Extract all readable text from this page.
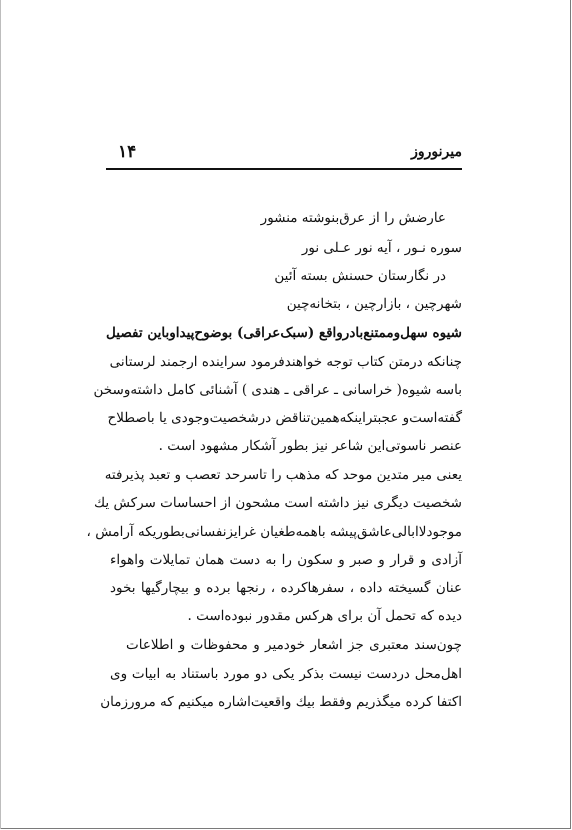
۱۴	میرنوروز
عارضش را از عرق‌بنوشته منشور
سوره نـور ، آیه نور عـلی نور
در نگارستان حسنش بسته آئین
شهرچین ، بازارچین ، بتخانه‌چین
شیوه سهل‌وممتنع‌بادرواقع (سبک‌عراقی) بوضوح‌پیداوباین تفصیل
چنانکه درمتن کتاب توجه خواهندفرمود سراینده ارجمند لرستانی
باسه شیوه( خراسانی ـ عراقی ـ هندی ) آشنائی کامل داشته‌وسخن
گفته‌است‌و عجبتراینکه‌همین‌تناقض درشخصیت‌وجودی یا باصطلاح
عنصر ناسوتی‌این شاعر نیز بطور آشکار مشهود است .
یعنی میر متدین موحد که مذهب را تاسرحد تعصب و تعبد پذیرفته
شخصیت دیگری نیز داشته است مشحون از احساسات سرکش یك
موجودلاابالی‌عاشق‌پیشه باهمه‌طغیان غرایزنفسانی‌بطوریکه آرامش ،
آزادی و قرار و صبر و سکون را به دست همان تمایلات واهواء
عنان گسیخته داده ، سفرهاکرده ، رنجها برده و بیچارگیها بخود
دیده که تحمل آن برای هرکس مقدور نبوده‌است .
چون‌سند معتبری جز اشعار خودمیر و محفوظات و اطلاعات
اهل‌محل دردست نیست بذکر یکی دو مورد باستناد به ابیات وی
اکتفا کرده میگذریم وفقط بیك واقعیت‌اشاره میکنیم که مرورزمان
